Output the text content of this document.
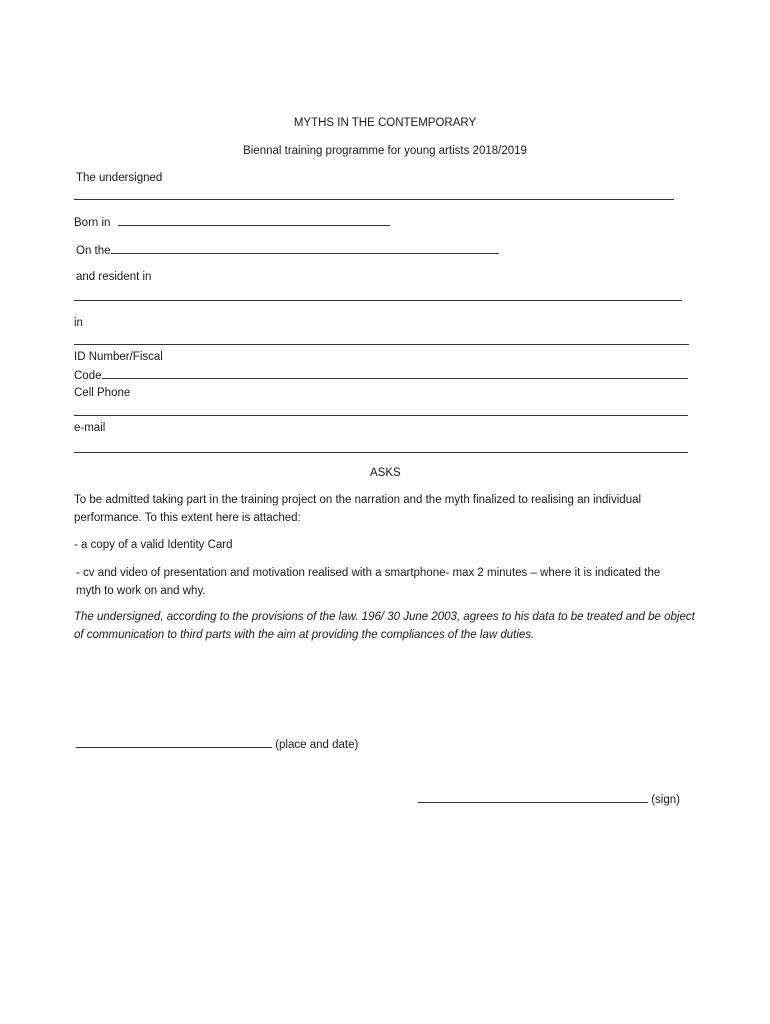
MYTHS IN THE CONTEMPORARY
Biennal training programme for young artists 2018/2019
The undersigned
Born in
On the
and resident in
in
ID Number/Fiscal
Code
Cell Phone
e-mail
ASKS
To be admitted taking part in the training project on the narration and the myth finalized to realising an individual performance. To this extent here is attached:
- a copy of a valid Identity Card
- cv and video of presentation and motivation realised with a smartphone- max 2 minutes – where it is indicated the myth to work on and why.
The undersigned, according to the provisions of the law. 196/ 30 June 2003, agrees to his data to be treated and be object of communication to third parts with the aim at providing the compliances of the law duties.
(place and date)
(sign)
